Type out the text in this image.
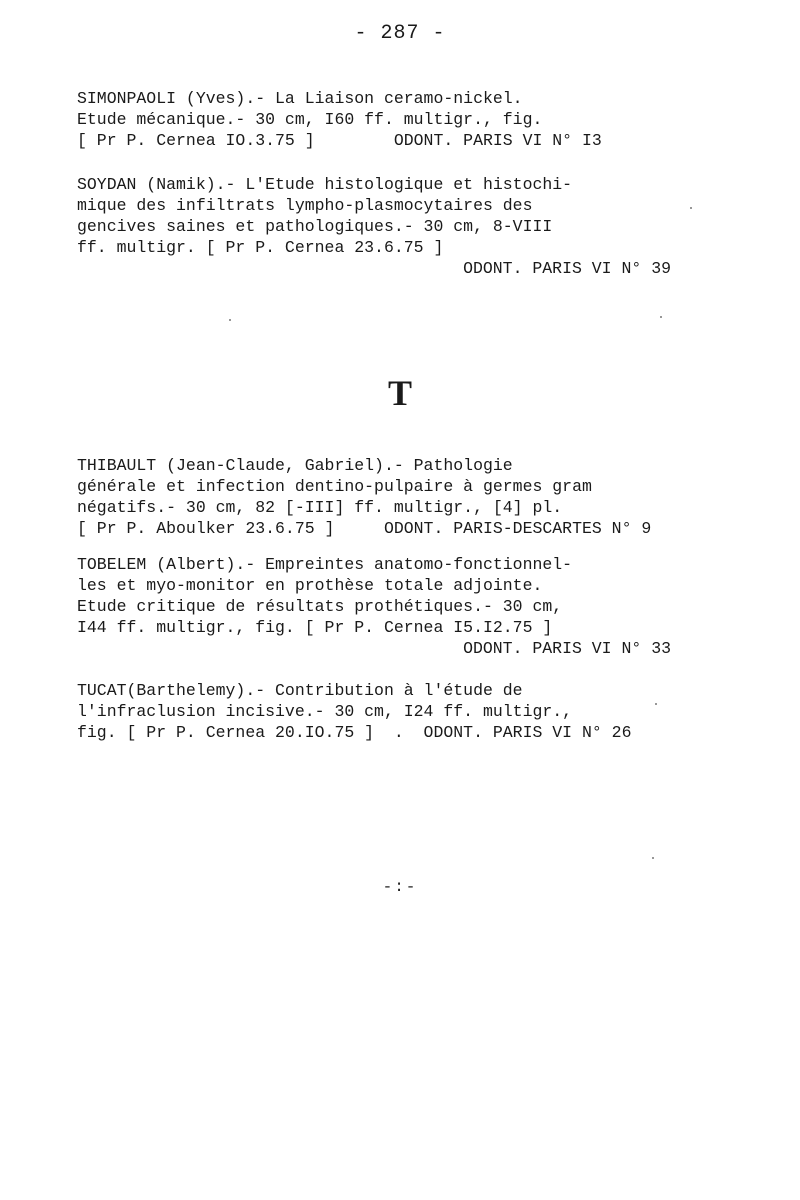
- 287 -
SIMONPAOLI (Yves).- La Liaison ceramo-nickel.
Etude mécanique.- 30 cm, I60 ff. multigr., fig.
[ Pr P. Cernea IO.3.75 ]        ODONT. PARIS VI N° I3
SOYDAN (Namik).- L'Etude histologique et histochi-
mique des infiltrats lympho-plasmocytaires des
gencives saines et pathologiques.- 30 cm, 8-VIII
ff. multigr. [ Pr P. Cernea 23.6.75 ]
ODONT. PARIS VI N° 39
T
THIBAULT (Jean-Claude, Gabriel).- Pathologie
générale et infection dentino-pulpaire à germes gram
négatifs.- 30 cm, 82 [-III] ff. multigr., [4] pl.
[ Pr P. Aboulker 23.6.75 ]     ODONT. PARIS-DESCARTES N° 9
TOBELEM (Albert).- Empreintes anatomo-fonctionnel-
les et myo-monitor en prothèse totale adjointe.
Etude critique de résultats prothétiques.- 30 cm,
I44 ff. multigr., fig. [ Pr P. Cernea I5.I2.75 ]
ODONT. PARIS VI N° 33
TUCAT(Barthelemy).- Contribution à l'étude de
l'infraclusion incisive.- 30 cm, I24 ff. multigr.,
fig. [ Pr P. Cernea 20.IO.75 ]  .  ODONT. PARIS VI N° 26
-:-
